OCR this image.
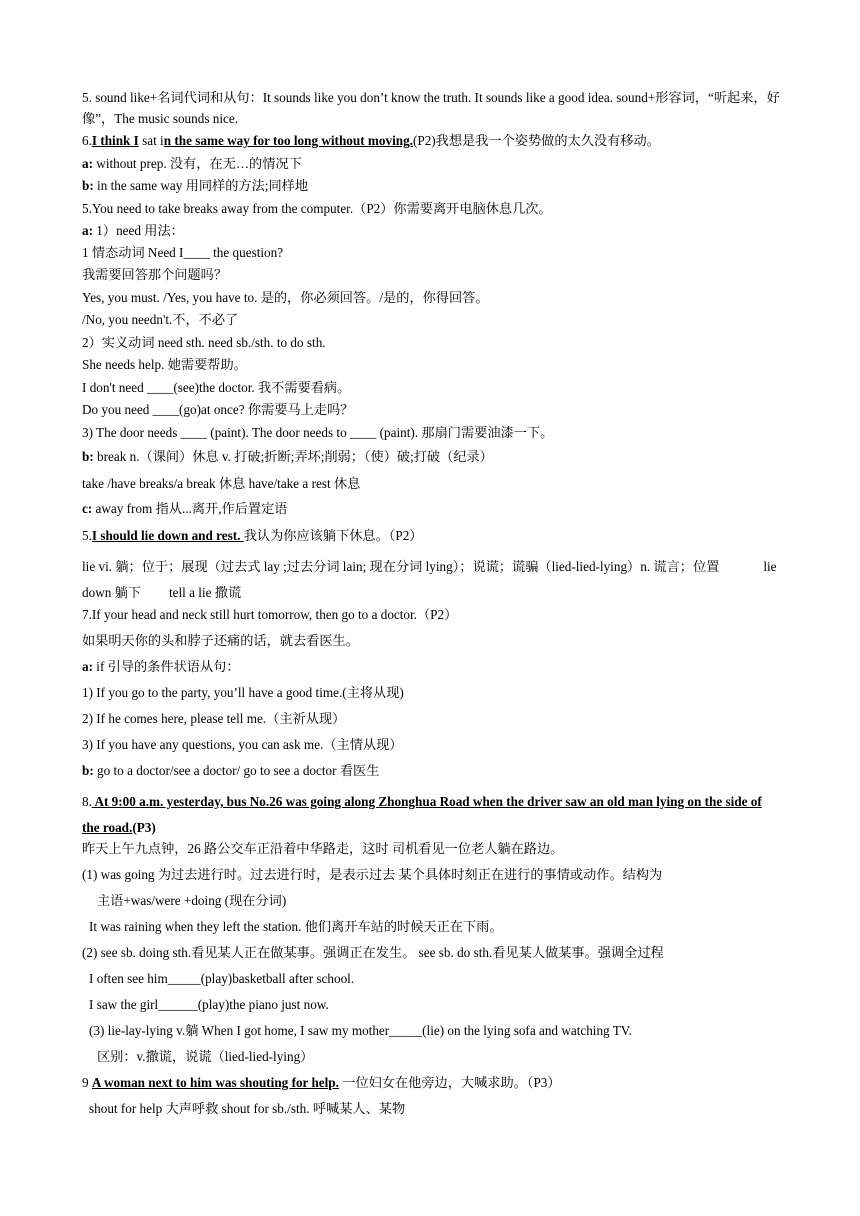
5. sound like+名词代词和从句：It sounds like you don’t know the truth. It sounds like a good idea. sound+形容词，“听起来，好像”，The music sounds nice.
6.I think I sat in the same way for too long without moving.(P2)我想是我一个姿势做的太久没有移动。
a: without prep. 没有，在无…的情况下
b: in the same way 用同样的方法;同样地
5.You need to take breaks away from the computer.（P2）你需要离开电脑休息几次。
a: 1）need 用法：
1 情态动词 Need I____ the question?
我需要回答那个问题吗？
Yes, you must. /Yes, you have to. 是的，你必须回答。/是的，你得回答。
/No, you needn't.不，不必了
2）实义动词 need sth. need sb./sth. to do sth.
She needs help. 她需要帮助。
I don't need ____(see)the doctor. 我不需要看病。
Do you need ____(go)at once? 你需要马上走吗？
3) The door needs ____ (paint). The door needs to ____ (paint). 那扇门需要油漆一下。
b: break n.（课间）休息 v. 打破;折断;弄坏;削弱；（使）破;打破（纪录）
take /have breaks/a break 休息 have/take a rest 休息
c: away from 指从...离开,作后置定语
5.I should lie down and rest. 我认为你应该躺下休息。（P2）
lie vi. 躺；位于；展现（过去式 lay ;过去分词 lain; 现在分词 lying）；说谎；谎骗（lied-lied-lying）n. 谎言；位置	lie down 躺下 tell a lie 撒谎
7.If your head and neck still hurt tomorrow, then go to a doctor.（P2）
如果明天你的头和脖子还痛的话，就去看医生。
a: if 引导的条件状语从句：
1) If you go to the party, you’ll have a good time.(主将从现)
2) If he comes here, please tell me.（主祈从现）
3) If you have any questions, you can ask me.（主情从现）
b: go to a doctor/see a doctor/ go to see a doctor 看医生
8. At 9:00 a.m. yesterday, bus No.26 was going along Zhonghua Road when the driver saw an old man lying on the side of the road.(P3)
昨天上午九点钟，26 路公交车正沿着中华路走，这时 司机看见一位老人躺在路边。
(1) was going 为过去进行时。过去进行时，是表示过去 某个具体时刻正在进行的事情或动作。结构为
主语+was/were +doing (现在分词)
It was raining when they left the station. 他们离开车站的时候天正在下雨。
(2) see sb. doing sth.看见某人正在做某事。强调正在发生。 see sb. do sth.看见某人做某事。强调全过程
I often see him_____(play)basketball after school.
I saw the girl______(play)the piano just now.
(3) lie-lay-lying v.躺 When I got home, I saw my mother_____(lie) on the lying sofa and watching TV.
区别：v.撒谎，说谎（lied-lied-lying）
9 A woman next to him was shouting for help. 一位妇女在他旁边，大喊求助。（P3）
shout for help 大声呼救 shout for sb./sth. 呼喊某人、某物
